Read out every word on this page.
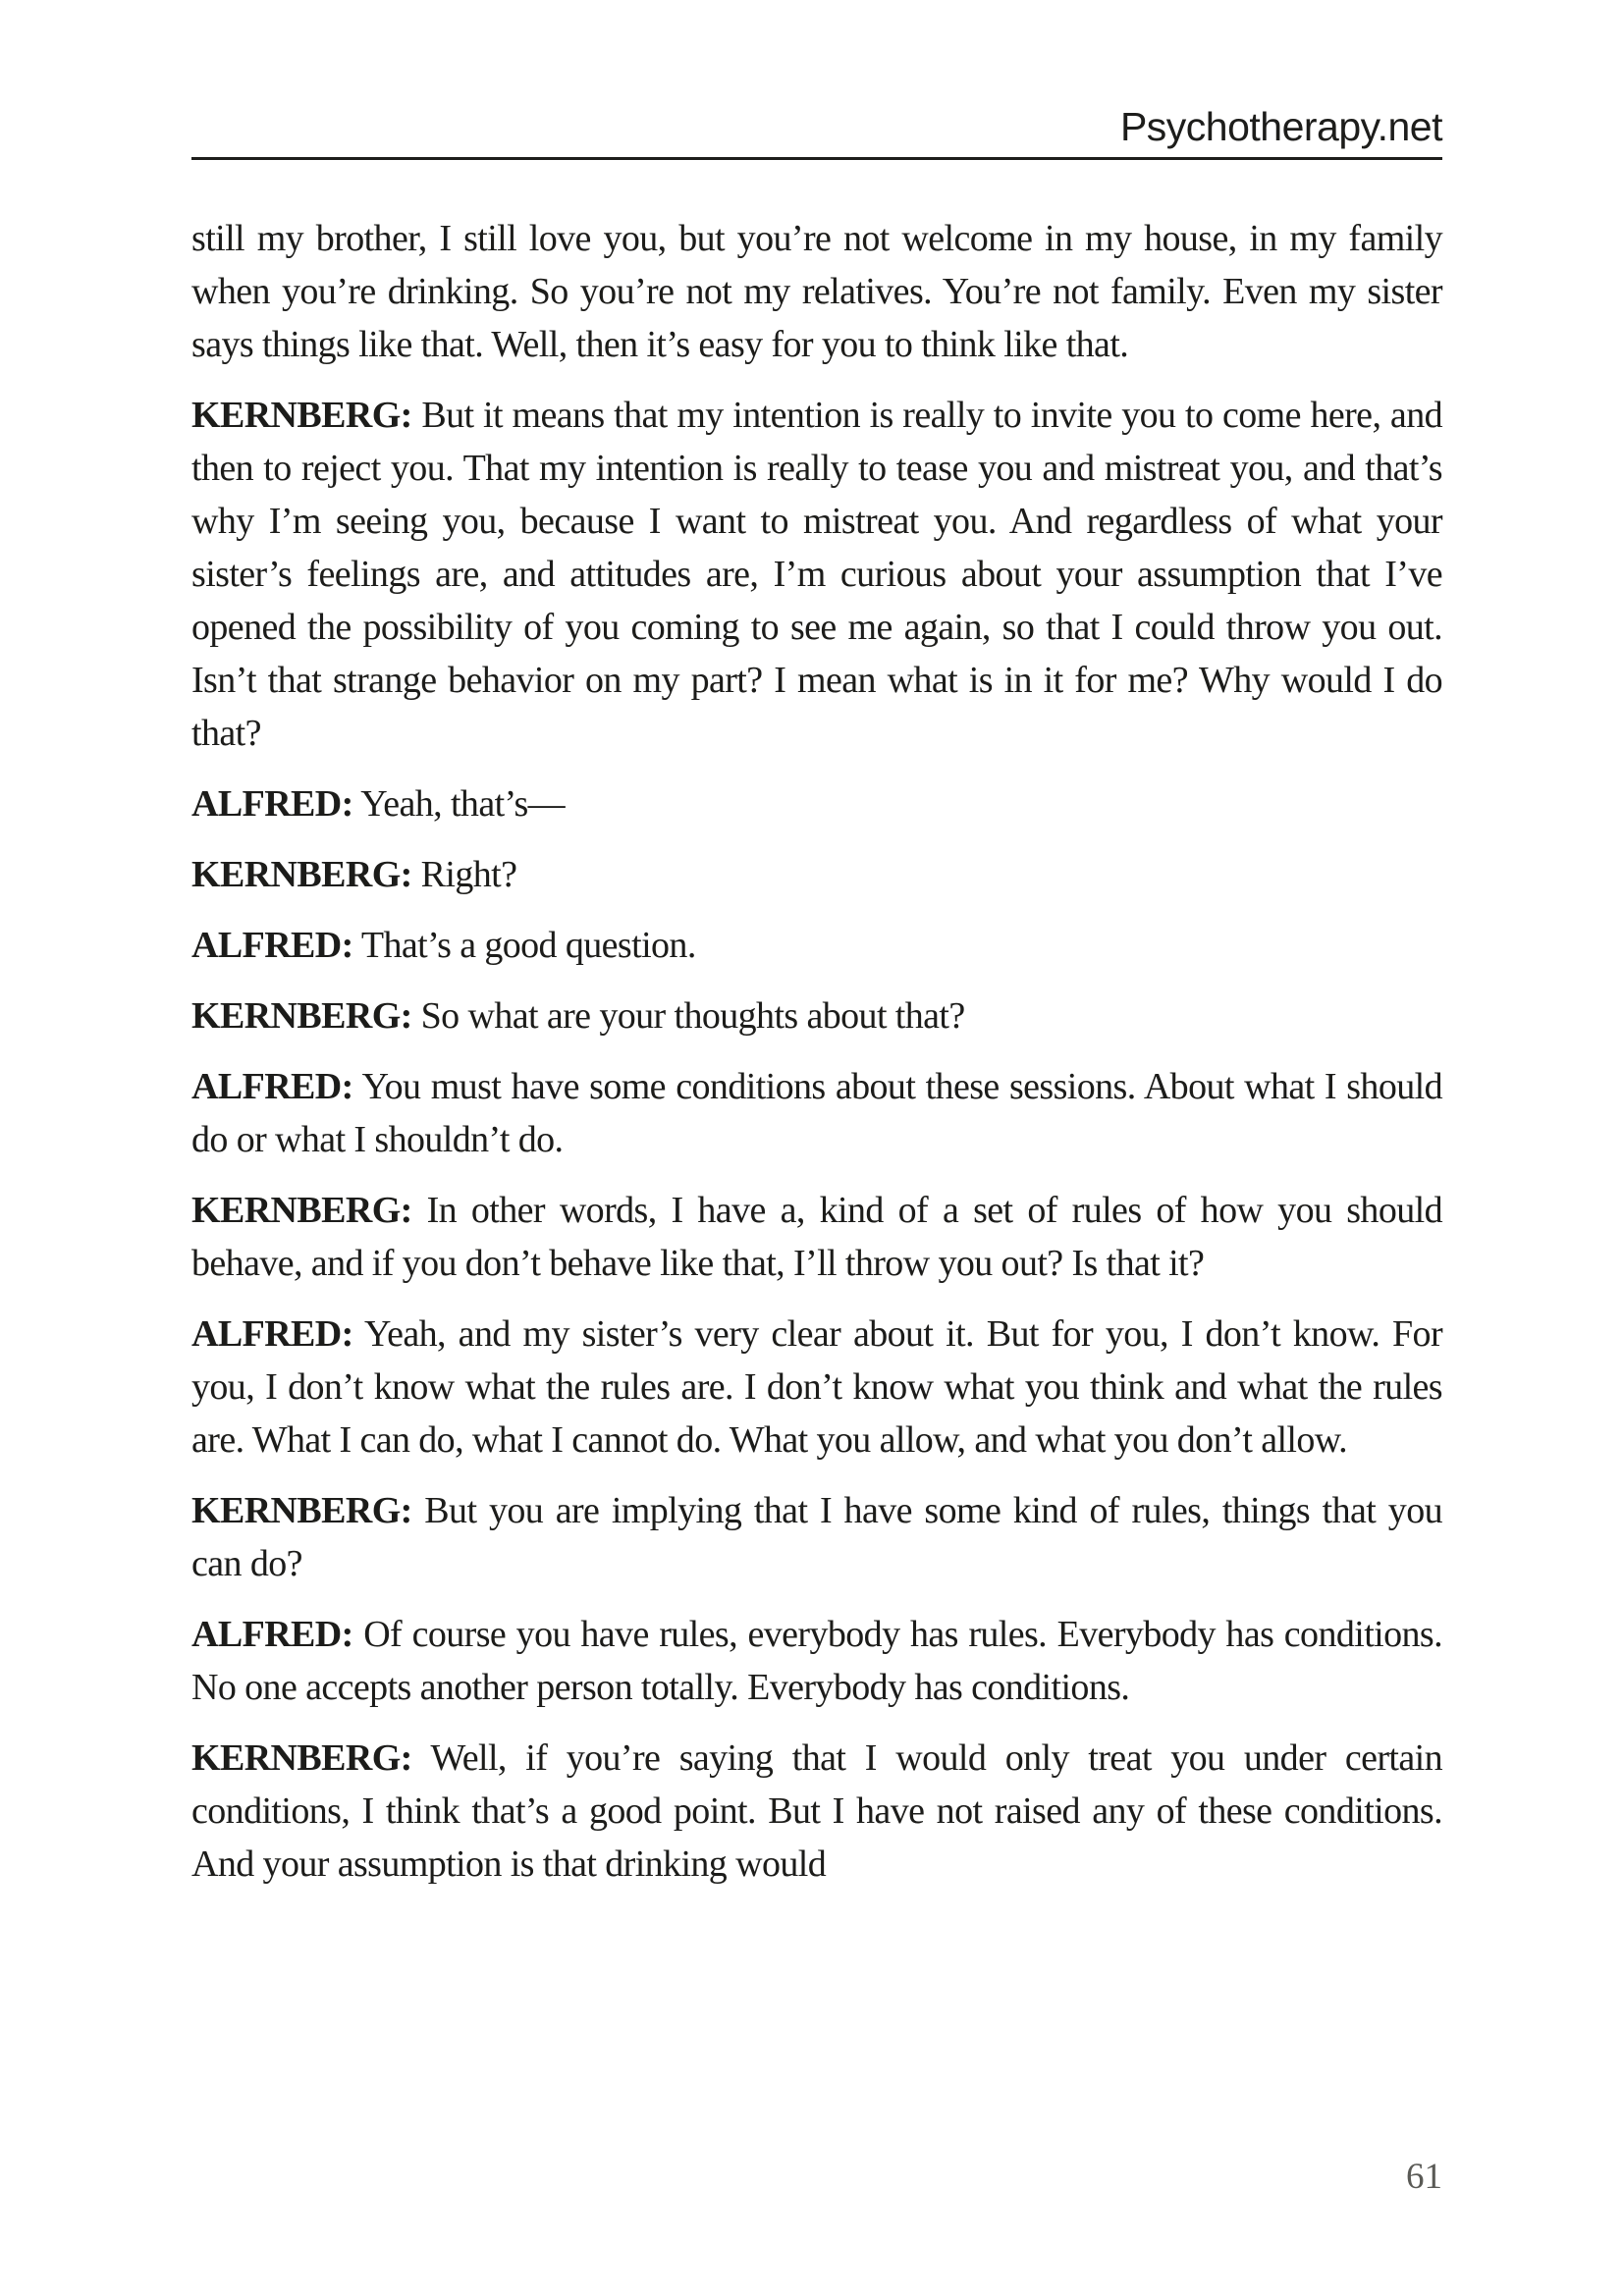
Psychotherapy.net

still my brother, I still love you, but you’re not welcome in my house, in my family when you’re drinking. So you’re not my relatives. You’re not family. Even my sister says things like that. Well, then it’s easy for you to think like that.

KERNBERG: But it means that my intention is really to invite you to come here, and then to reject you. That my intention is really to tease you and mistreat you, and that’s why I’m seeing you, because I want to mistreat you. And regardless of what your sister’s feelings are, and attitudes are, I’m curious about your assumption that I’ve opened the possibility of you coming to see me again, so that I could throw you out. Isn’t that strange behavior on my part? I mean what is in it for me? Why would I do that?

ALFRED: Yeah, that’s—

KERNBERG: Right?

ALFRED: That’s a good question.

KERNBERG: So what are your thoughts about that?

ALFRED: You must have some conditions about these sessions. About what I should do or what I shouldn’t do.

KERNBERG: In other words, I have a, kind of a set of rules of how you should behave, and if you don’t behave like that, I’ll throw you out? Is that it?

ALFRED: Yeah, and my sister’s very clear about it. But for you, I don’t know. For you, I don’t know what the rules are. I don’t know what you think and what the rules are. What I can do, what I cannot do. What you allow, and what you don’t allow.

KERNBERG: But you are implying that I have some kind of rules, things that you can do?

ALFRED: Of course you have rules, everybody has rules. Everybody has conditions. No one accepts another person totally. Everybody has conditions.

KERNBERG: Well, if you’re saying that I would only treat you under certain conditions, I think that’s a good point. But I have not raised any of these conditions. And your assumption is that drinking would

61
